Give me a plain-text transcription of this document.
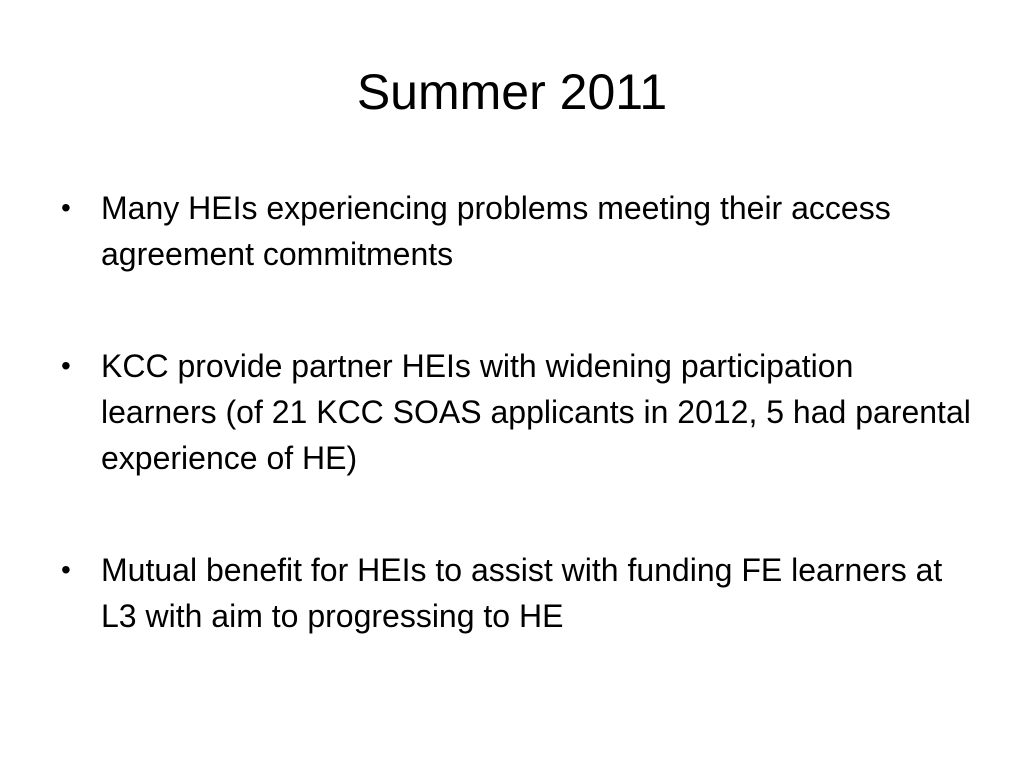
Summer 2011
• Many HEIs experiencing problems meeting their access agreement commitments
• KCC provide partner HEIs with widening participation learners (of 21 KCC SOAS applicants in 2012, 5 had parental experience of HE)
• Mutual benefit for HEIs to assist with funding FE learners at L3 with aim to progressing to HE
